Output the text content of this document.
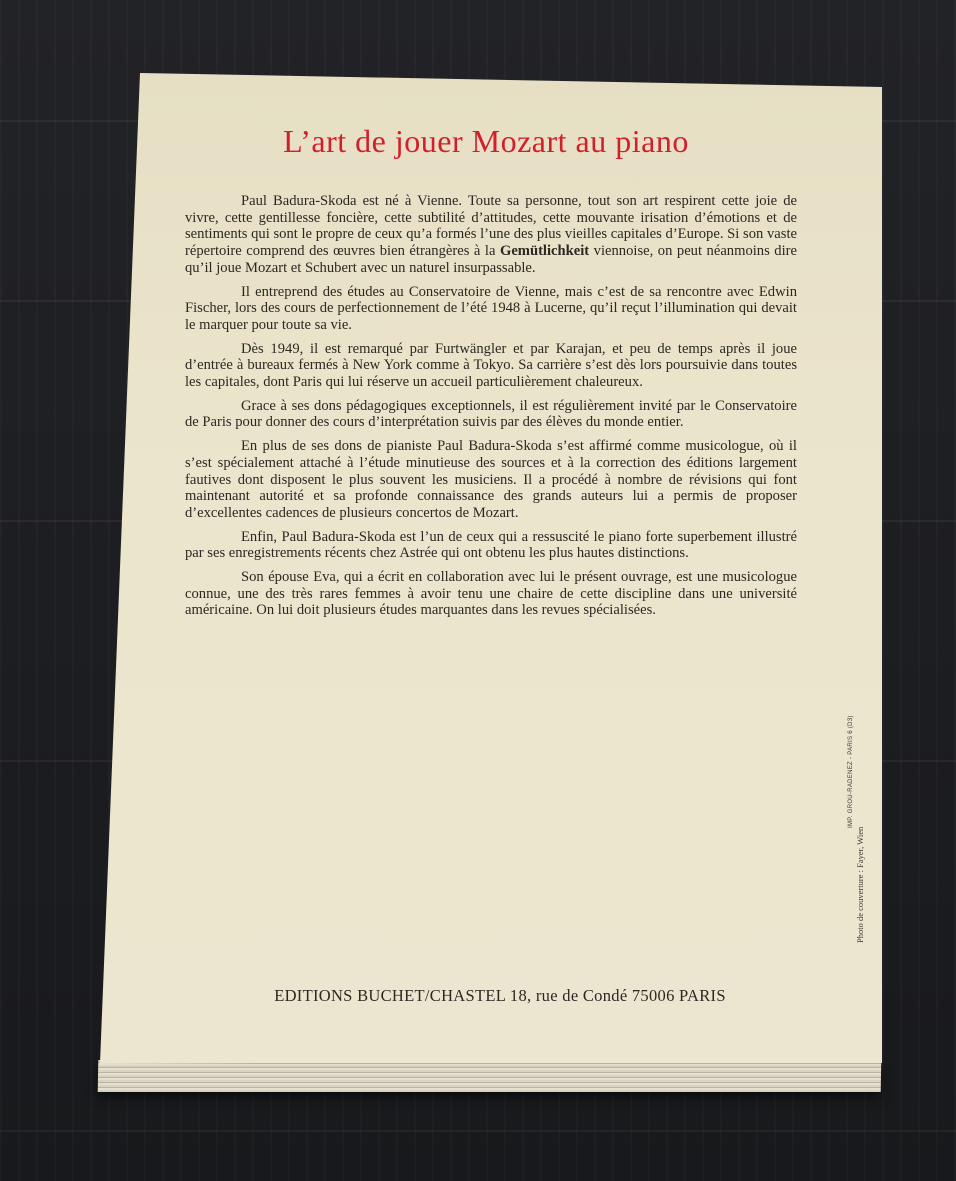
L’art de jouer Mozart au piano

Paul Badura-Skoda est né à Vienne. Toute sa personne, tout son art respirent cette joie de vivre, cette gentillesse foncière, cette subtilité d’attitudes, cette mouvante irisation d’émotions et de sentiments qui sont le propre de ceux qu’a formés l’une des plus vieilles capitales d’Europe. Si son vaste répertoire comprend des œuvres bien étrangères à la Gemütlichkeit viennoise, on peut néanmoins dire qu’il joue Mozart et Schubert avec un naturel insurpassable.

Il entreprend des études au Conservatoire de Vienne, mais c’est de sa rencontre avec Edwin Fischer, lors des cours de perfectionnement de l’été 1948 à Lucerne, qu’il reçut l’illumination qui devait le marquer pour toute sa vie.

Dès 1949, il est remarqué par Furtwängler et par Karajan, et peu de temps après il joue d’entrée à bureaux fermés à New York comme à Tokyo. Sa carrière s’est dès lors poursuivie dans toutes les capitales, dont Paris qui lui réserve un accueil particulièrement chaleureux.

Grace à ses dons pédagogiques exceptionnels, il est régulièrement invité par le Conservatoire de Paris pour donner des cours d’interprétation suivis par des élèves du monde entier.

En plus de ses dons de pianiste Paul Badura-Skoda s’est affirmé comme musicologue, où il s’est spécialement attaché à l’étude minutieuse des sources et à la correction des éditions largement fautives dont disposent le plus souvent les musiciens. Il a procédé à nombre de révisions qui font maintenant autorité et sa profonde connaissance des grands auteurs lui a permis de proposer d’excellentes cadences de plusieurs concertos de Mozart.

Enfin, Paul Badura-Skoda est l’un de ceux qui a ressuscité le piano forte superbement illustré par ses enregistrements récents chez Astrée qui ont obtenu les plus hautes distinctions.

Son épouse Eva, qui a écrit en collaboration avec lui le présent ouvrage, est une musicologue connue, une des très rares femmes à avoir tenu une chaire de cette discipline dans une université américaine. On lui doit plusieurs études marquantes dans les revues spécialisées.

EDITIONS BUCHET/CHASTEL 18, rue de Condé 75006 PARIS
IMP. GROU-RADENEZ - PARIS 6 (D3)
Photo de couverture : Fayer, Wien
